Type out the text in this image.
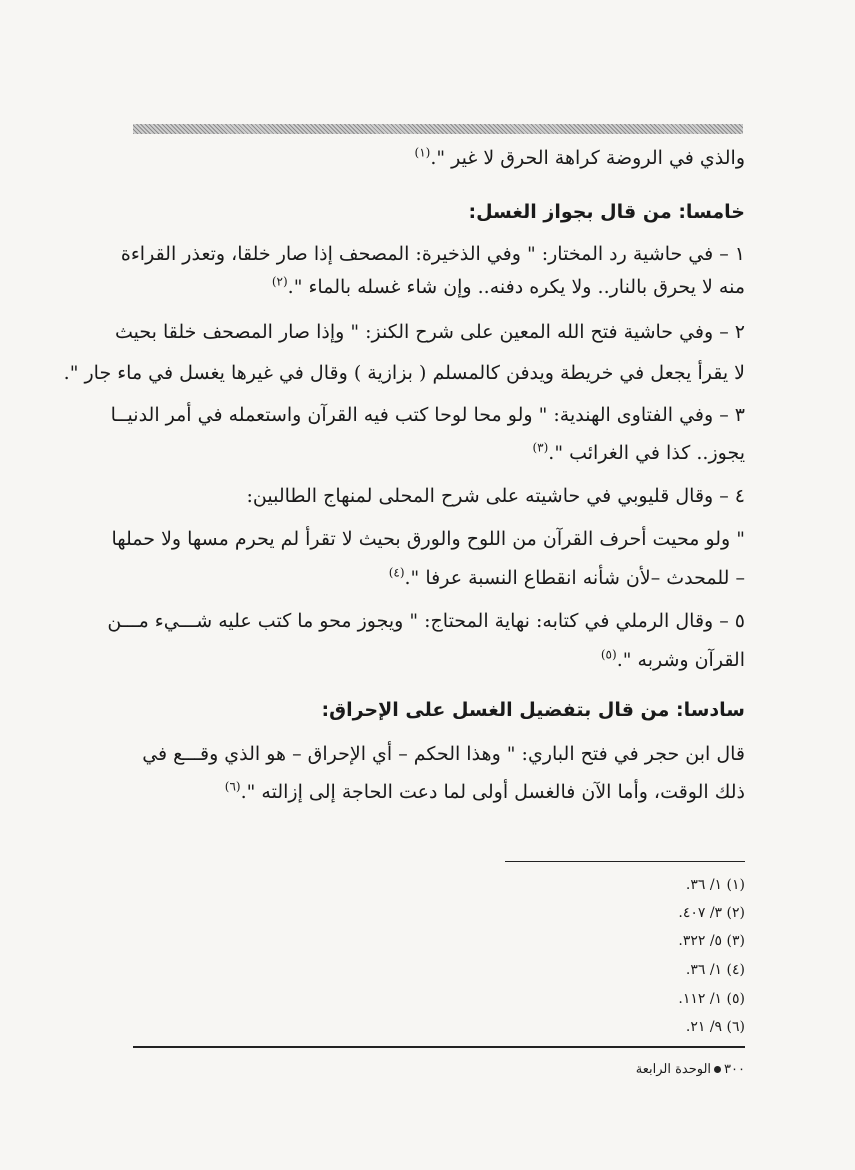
والذي في الروضة كراهة الحرق لا غير ".$^{(١)}$
خامسا: من قال بجواز الغسل:
١ – في حاشية رد المختار: " وفي الذخيرة: المصحف إذا صار خلقا، وتعذر القراءة
منه لا يحرق بالنار.. ولا يكره دفنه.. وإن شاء غسله بالماء ".$^{(٢)}$
٢ – وفي حاشية فتح الله المعين على شرح الكنز: " وإذا صار المصحف خلقا بحيث
لا يقرأ يجعل في خريطة ويدفن كالمسلم ( بزازية ) وقال في غيرها يغسل في ماء جار ".
٣ – وفي الفتاوى الهندية: " ولو محا لوحا كتب فيه القرآن واستعمله في أمر الدنيــا
يجوز.. كذا في الغرائب ".$^{(٣)}$
٤ – وقال قليوبي في حاشيته على شرح المحلى لمنهاج الطالبين:
" ولو محيت أحرف القرآن من اللوح والورق بحيث لا تقرأ لم يحرم مسها ولا حملها
– للمحدث –لأن شأنه انقطاع النسبة عرفا ".$^{(٤)}$
٥ – وقال الرملي في كتابه: نهاية المحتاج: " ويجوز محو ما كتب عليه شـــيء مـــن
القرآن وشربه ".$^{(٥)}$
سادسا: من قال بتفضيل الغسل على الإحراق:
قال ابن حجر في فتح الباري: " وهذا الحكم – أي الإحراق – هو الذي وقـــع في
ذلك الوقت، وأما الآن فالغسل أولى لما دعت الحاجة إلى إزالته ".$^{(٦)}$
(١) ١/ ٣٦.
(٢) ٣/ ٤٠٧.
(٣) ٥/ ٣٢٢.
(٤) ١/ ٣٦.
(٥) ١/ ١١٢.
(٦) ٩/ ٢١.
٣٠٠الوحدة الرابعة
